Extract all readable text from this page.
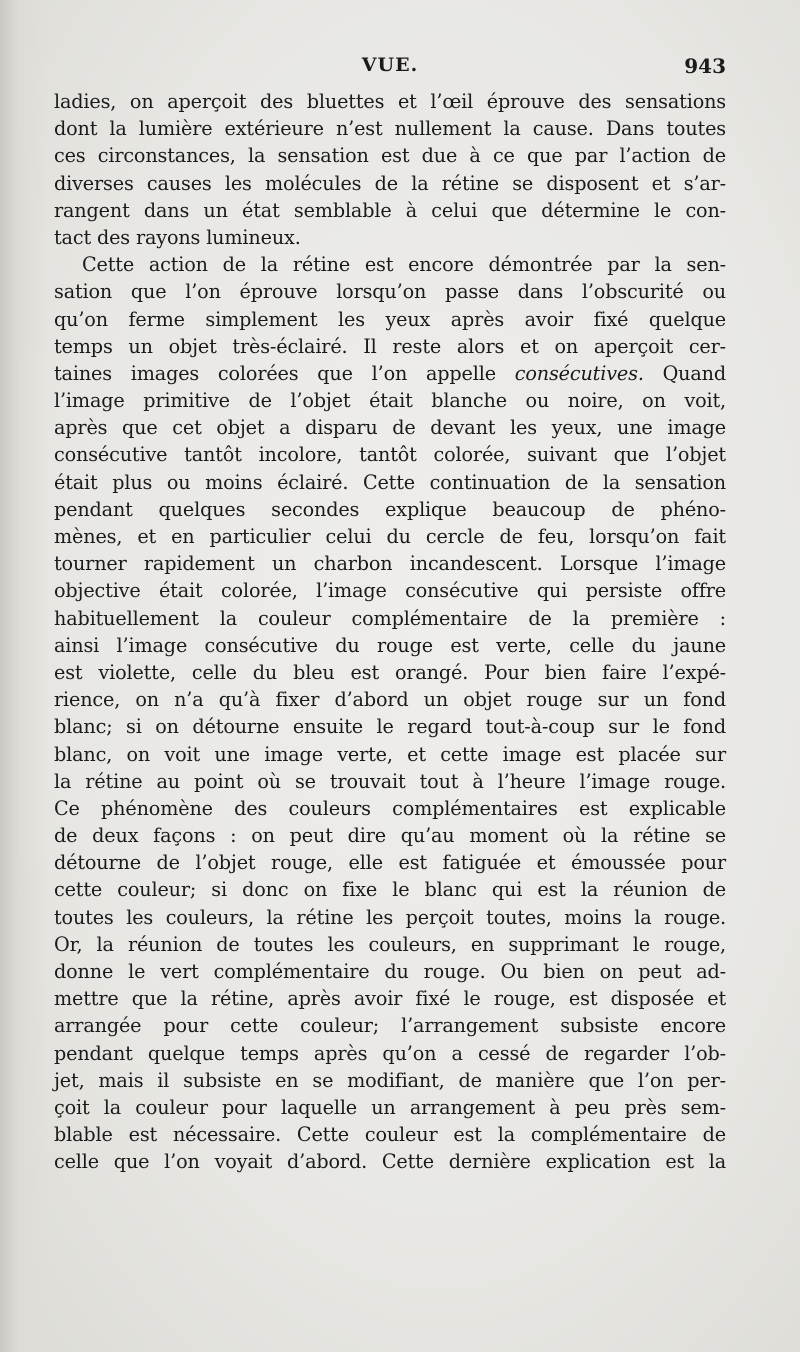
VUE.	943
ladies, on aperçoit des bluettes et l’œil éprouve des sensations
dont la lumière extérieure n’est nullement la cause. Dans toutes
ces circonstances, la sensation est due à ce que par l’action de
diverses causes les molécules de la rétine se disposent et s’ar-
rangent dans un état semblable à celui que détermine le con-
tact des rayons lumineux.
Cette action de la rétine est encore démontrée par la sen-
sation que l’on éprouve lorsqu’on passe dans l’obscurité ou
qu’on ferme simplement les yeux après avoir fixé quelque
temps un objet très-éclairé. Il reste alors et on aperçoit cer-
taines images colorées que l’on appelle consécutives. Quand
l’image primitive de l’objet était blanche ou noire, on voit,
après que cet objet a disparu de devant les yeux, une image
consécutive tantôt incolore, tantôt colorée, suivant que l’objet
était plus ou moins éclairé. Cette continuation de la sensation
pendant quelques secondes explique beaucoup de phéno-
mènes, et en particulier celui du cercle de feu, lorsqu’on fait
tourner rapidement un charbon incandescent. Lorsque l’image
objective était colorée, l’image consécutive qui persiste offre
habituellement la couleur complémentaire de la première :
ainsi l’image consécutive du rouge est verte, celle du jaune
est violette, celle du bleu est orangé. Pour bien faire l’expé-
rience, on n’a qu’à fixer d’abord un objet rouge sur un fond
blanc; si on détourne ensuite le regard tout-à-coup sur le fond
blanc, on voit une image verte, et cette image est placée sur
la rétine au point où se trouvait tout à l’heure l’image rouge.
Ce phénomène des couleurs complémentaires est explicable
de deux façons : on peut dire qu’au moment où la rétine se
détourne de l’objet rouge, elle est fatiguée et émoussée pour
cette couleur; si donc on fixe le blanc qui est la réunion de
toutes les couleurs, la rétine les perçoit toutes, moins la rouge.
Or, la réunion de toutes les couleurs, en supprimant le rouge,
donne le vert complémentaire du rouge. Ou bien on peut ad-
mettre que la rétine, après avoir fixé le rouge, est disposée et
arrangée pour cette couleur; l’arrangement subsiste encore
pendant quelque temps après qu’on a cessé de regarder l’ob-
jet, mais il subsiste en se modifiant, de manière que l’on per-
çoit la couleur pour laquelle un arrangement à peu près sem-
blable est nécessaire. Cette couleur est la complémentaire de
celle que l’on voyait d’abord. Cette dernière explication est la
